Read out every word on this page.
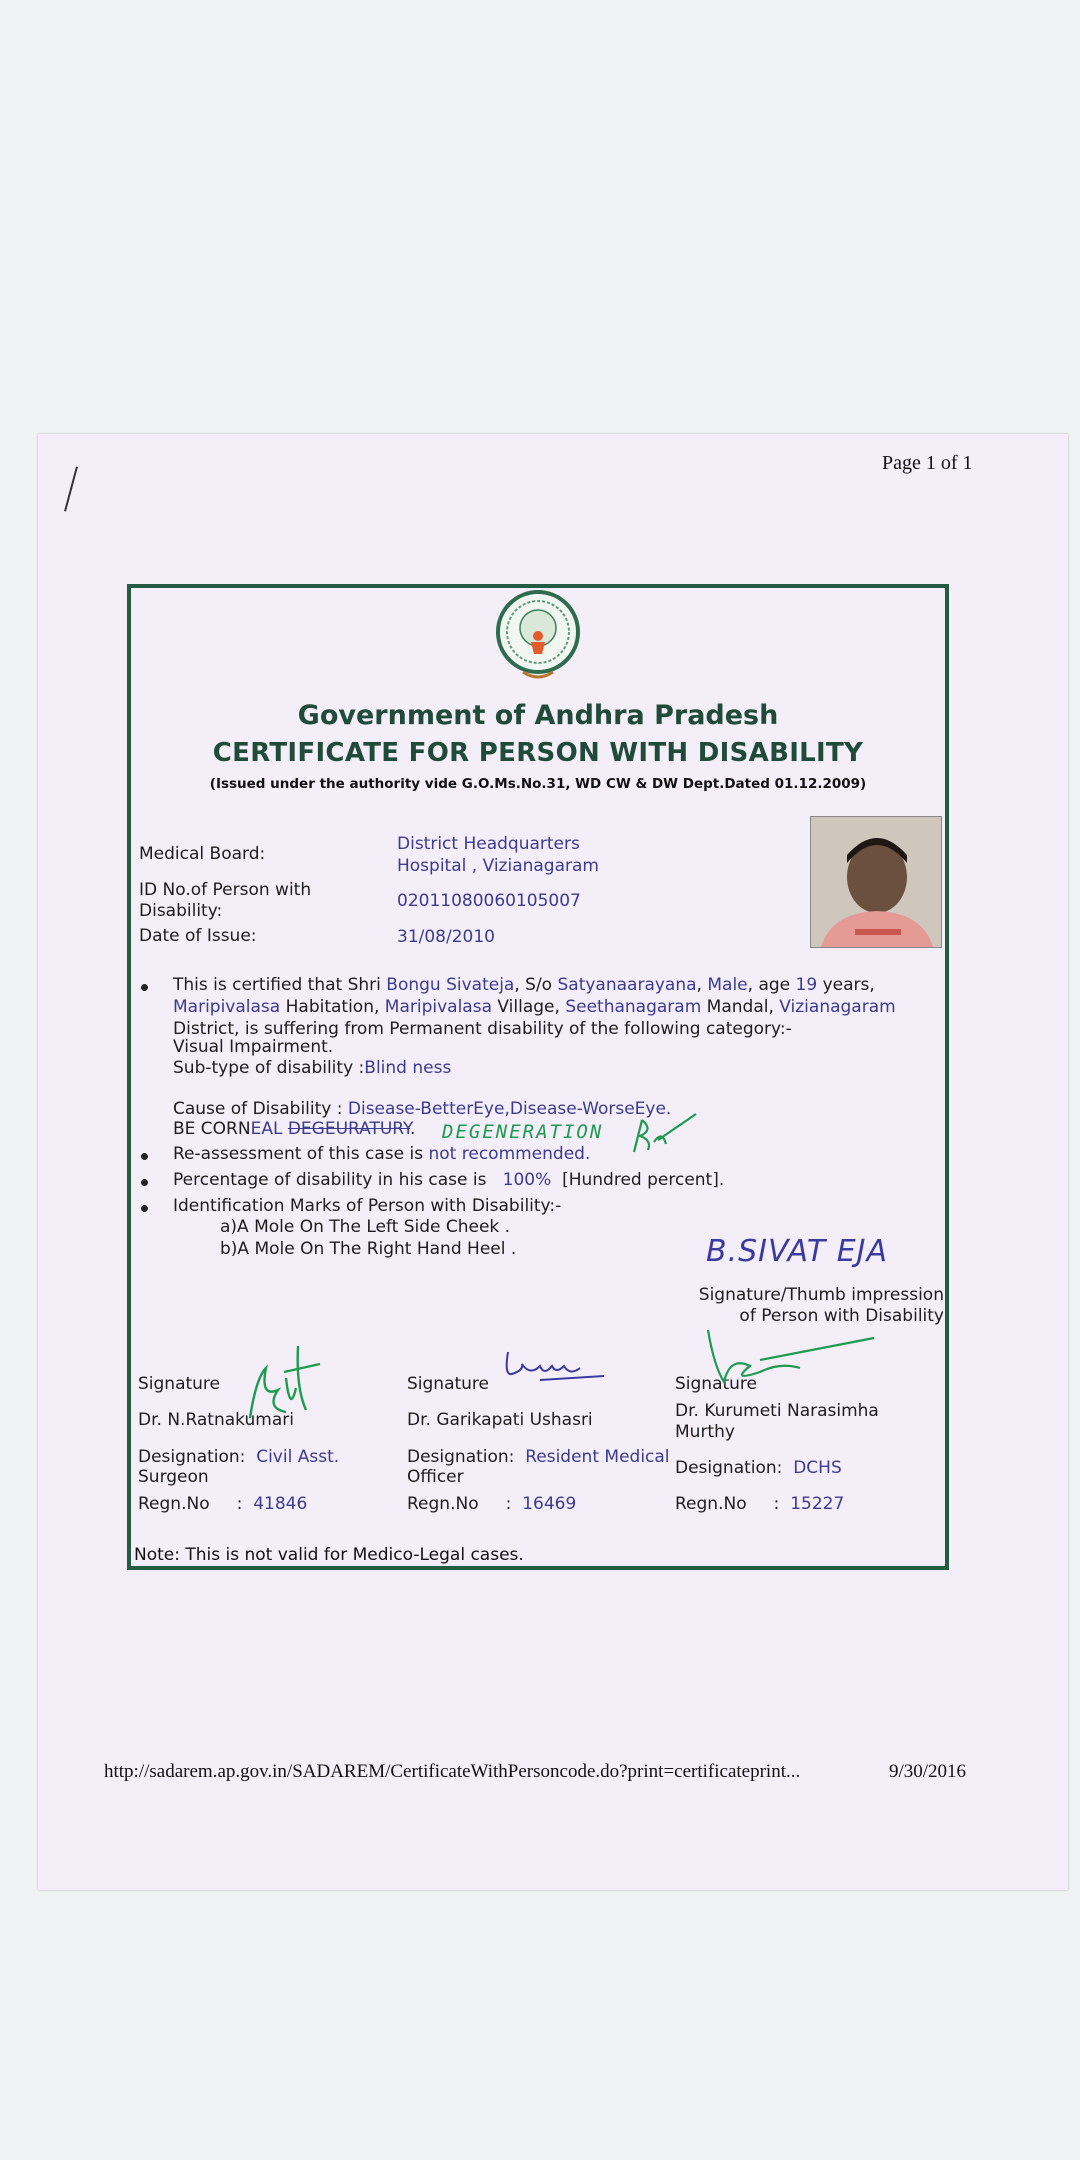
Page 1 of 1
Government of Andhra Pradesh
CERTIFICATE FOR PERSON WITH DISABILITY
(Issued under the authority vide G.O.Ms.No.31, WD CW & DW Dept.Dated 01.12.2009)
Medical Board:	District Headquarters
Hospital , Vizianagaram
ID No.of Person with
Disability:	02011080060105007
Date of Issue:	31/08/2010
This is certified that Shri Bongu Sivateja, S/o Satyanaarayana, Male, age 19 years,
Maripivalasa Habitation, Maripivalasa Village, Seethanagaram Mandal, Vizianagaram
District, is suffering from Permanent disability of the following category:-
Visual Impairment.
Sub-type of disability :Blind ness
Cause of Disability : Disease-BetterEye,Disease-WorseEye.
BE CORNEAL DEGEURATURY. DEGENERATION
Re-assessment of this case is not recommended.
Percentage of disability in his case is 100% [Hundred percent].
Identification Marks of Person with Disability:-
a)A Mole On The Left Side Cheek .
b)A Mole On The Right Hand Heel .	B.SIVAT EJA
Signature/Thumb impression
of Person with Disability
Signature
Dr. N.Ratnakumari
Designation: Civil Asst.
Surgeon
Regn.No : 41846
Signature
Dr. Garikapati Ushasri
Designation: Resident Medical
Officer
Regn.No : 16469
Signature
Dr. Kurumeti Narasimha
Murthy
Designation: DCHS
Regn.No : 15227
Note: This is not valid for Medico-Legal cases.
http://sadarem.ap.gov.in/SADAREM/CertificateWithPersoncode.do?print=certificateprint...	9/30/2016
